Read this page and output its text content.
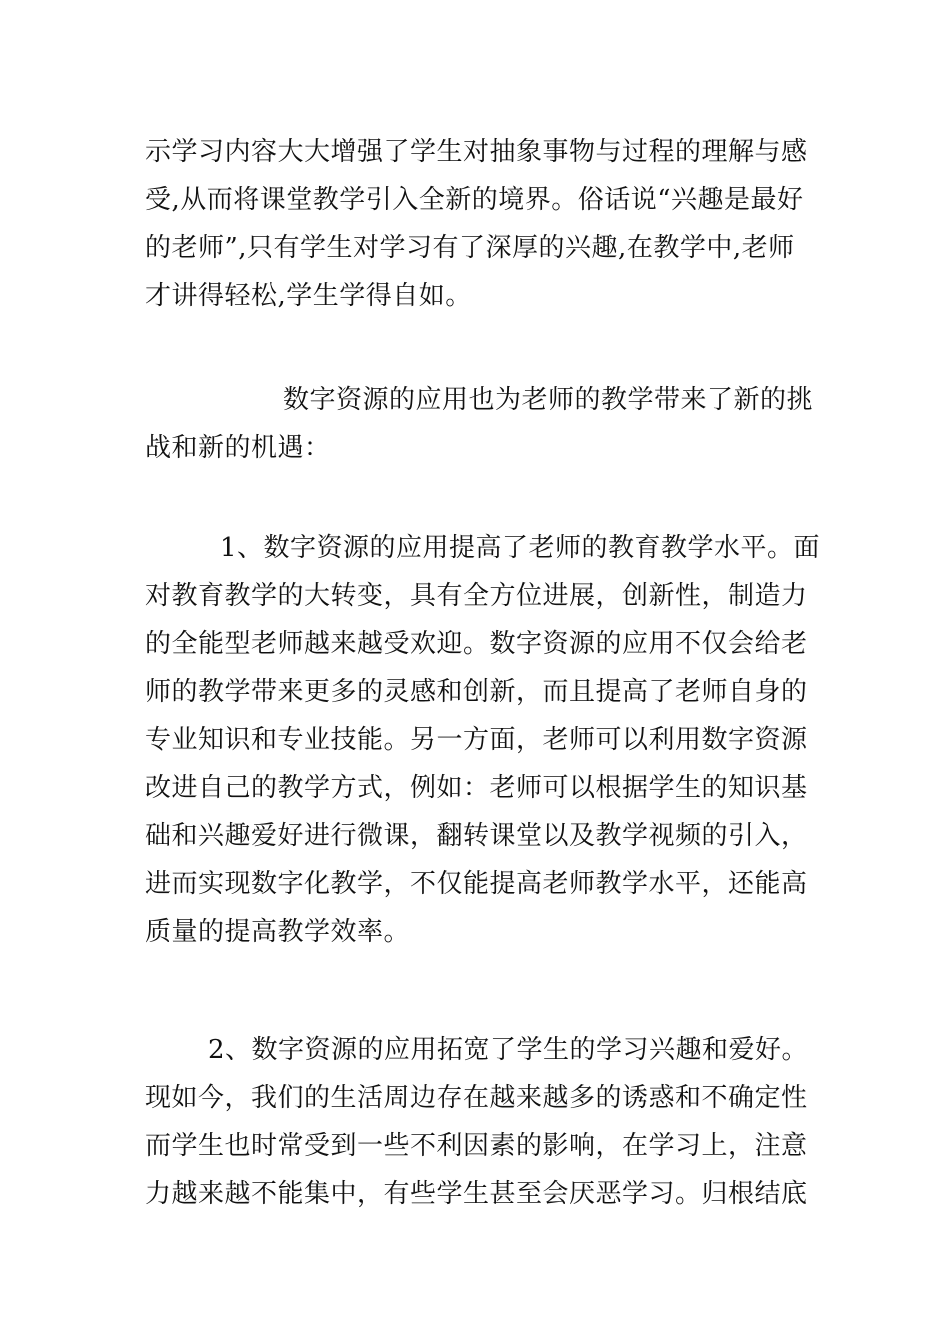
示学习内容大大增强了学生对抽象事物与过程的理解与感
受,从而将课堂教学引入全新的境界。俗话说“兴趣是最好
的老师”,只有学生对学习有了深厚的兴趣,在教学中,老师
才讲得轻松,学生学得自如。
数字资源的应用也为老师的教学带来了新的挑
战和新的机遇：
1、数字资源的应用提高了老师的教育教学水平。面
对教育教学的大转变，具有全方位进展，创新性，制造力
的全能型老师越来越受欢迎。数字资源的应用不仅会给老
师的教学带来更多的灵感和创新，而且提高了老师自身的
专业知识和专业技能。另一方面，老师可以利用数字资源
改进自己的教学方式，例如：老师可以根据学生的知识基
础和兴趣爱好进行微课，翻转课堂以及教学视频的引入，
进而实现数字化教学，不仅能提高老师教学水平，还能高
质量的提高教学效率。
2、数字资源的应用拓宽了学生的学习兴趣和爱好。
现如今，我们的生活周边存在越来越多的诱惑和不确定性
而学生也时常受到一些不利因素的影响，在学习上，注意
力越来越不能集中，有些学生甚至会厌恶学习。归根结底
